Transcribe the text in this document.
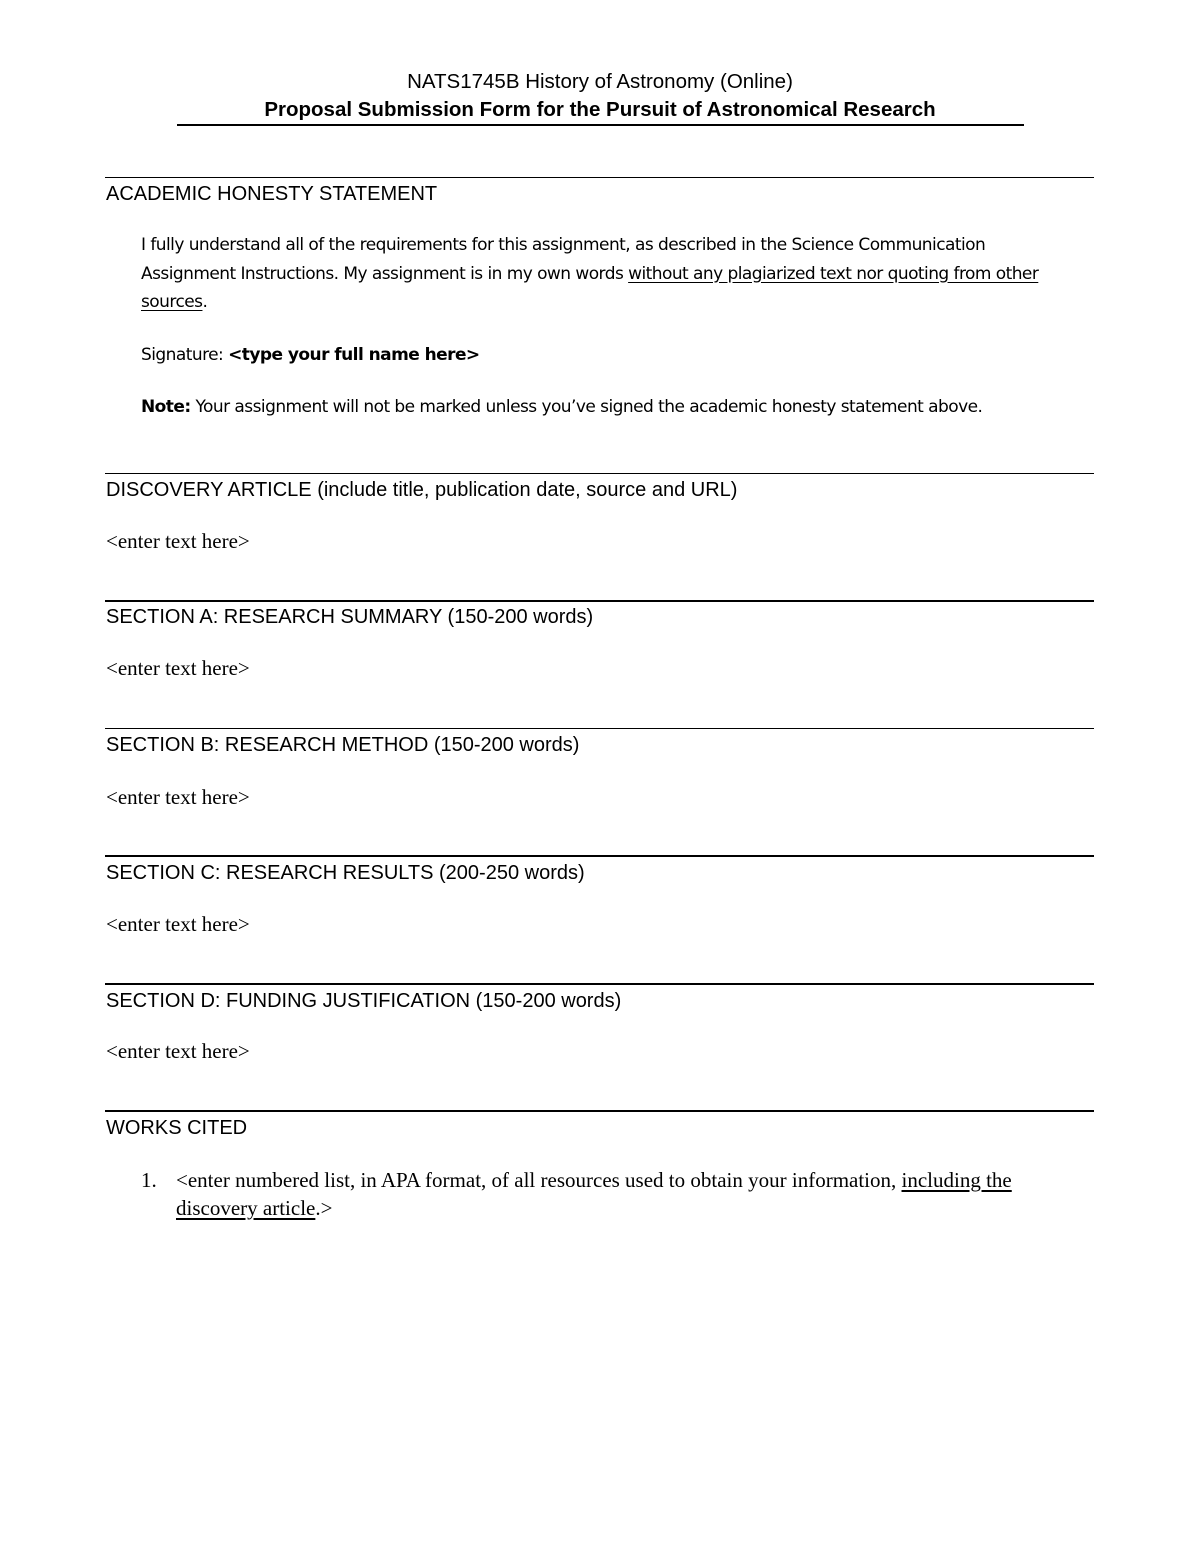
NATS1745B History of Astronomy (Online)
Proposal Submission Form for the Pursuit of Astronomical Research
ACADEMIC HONESTY STATEMENT
I fully understand all of the requirements for this assignment, as described in the Science Communication Assignment Instructions. My assignment is in my own words without any plagiarized text nor quoting from other sources.
Signature: <type your full name here>
Note: Your assignment will not be marked unless you’ve signed the academic honesty statement above.
DISCOVERY ARTICLE (include title, publication date, source and URL)
<enter text here>
SECTION A: RESEARCH SUMMARY (150-200 words)
<enter text here>
SECTION B: RESEARCH METHOD (150-200 words)
<enter text here>
SECTION C: RESEARCH RESULTS (200-250 words)
<enter text here>
SECTION D: FUNDING JUSTIFICATION (150-200 words)
<enter text here>
WORKS CITED
1. <enter numbered list, in APA format, of all resources used to obtain your information, including the discovery article.>
